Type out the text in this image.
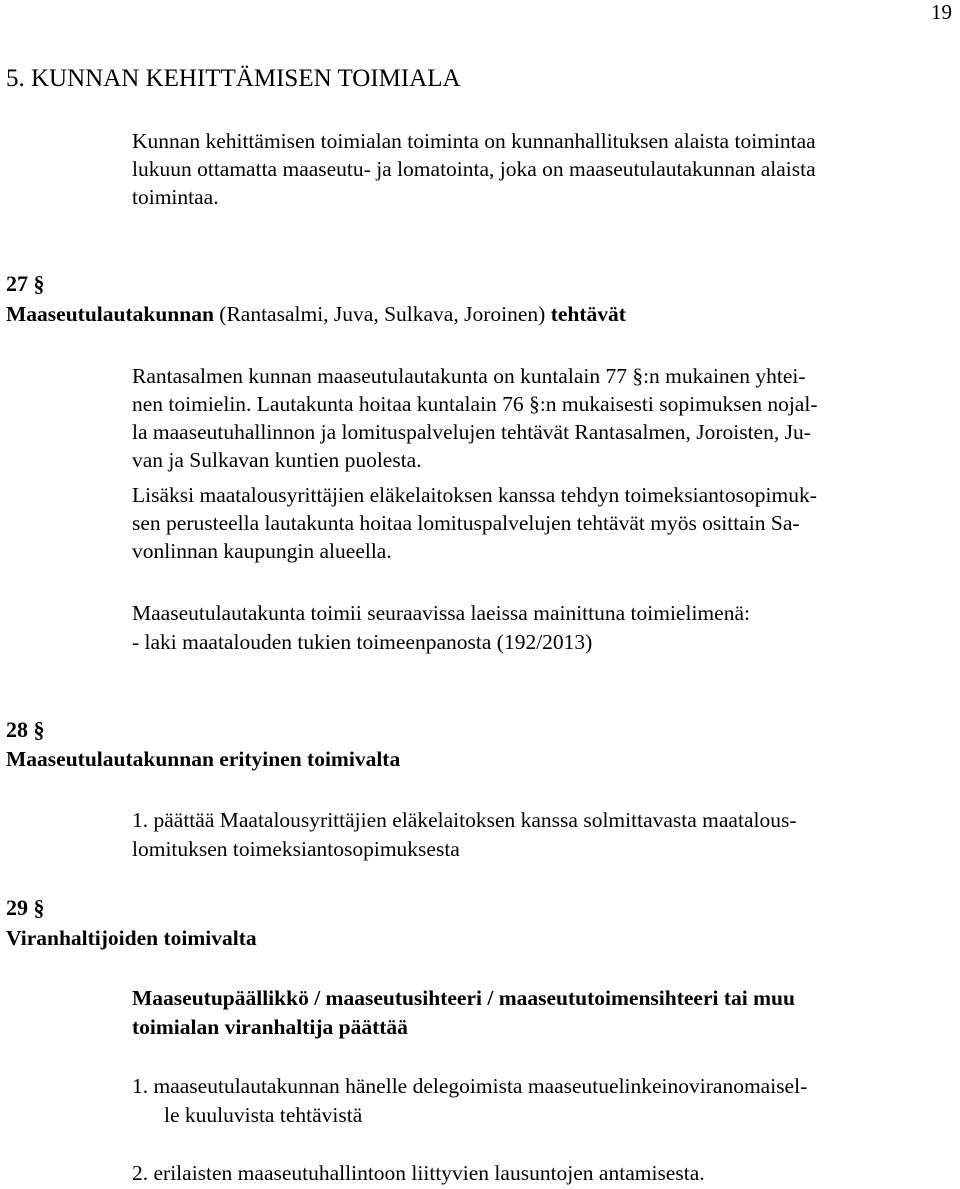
19
5. KUNNAN KEHITTÄMISEN TOIMIALA
Kunnan kehittämisen toimialan toiminta on kunnanhallituksen alaista toimintaa
lukuun ottamatta maaseutu- ja lomatointa, joka on maaseutulautakunnan alaista
toimintaa.
27 §
Maaseutulautakunnan (Rantasalmi, Juva, Sulkava, Joroinen) tehtävät
Rantasalmen kunnan maaseutulautakunta on kuntalain 77 §:n mukainen yhtei-
nen toimielin. Lautakunta hoitaa kuntalain 76 §:n mukaisesti sopimuksen nojal-
la maaseutuhallinnon ja lomituspalvelujen tehtävät Rantasalmen, Joroisten, Ju-
van ja Sulkavan kuntien puolesta.
Lisäksi maatalousyrittäjien eläkelaitoksen kanssa tehdyn toimeksiantosopimuk-
sen perusteella lautakunta hoitaa lomituspalvelujen tehtävät myös osittain Sa-
vonlinnan kaupungin alueella.
Maaseutulautakunta toimii seuraavissa laeissa mainittuna toimielimenä:
- laki maatalouden tukien toimeenpanosta (192/2013)
28 §
Maaseutulautakunnan erityinen toimivalta
1. päättää Maatalousyrittäjien eläkelaitoksen kanssa solmittavasta maatalous-
lomituksen toimeksiantosopimuksesta
29 §
Viranhaltijoiden toimivalta
Maaseutupäällikkö / maaseutusihteeri / maaseututoimensihteeri tai muu
toimialan viranhaltija päättää
1. maaseutulautakunnan hänelle delegoimista maaseutuelinkeinoviranomaisel-
le kuuluvista tehtävistä
2. erilaisten maaseutuhallintoon liittyvien lausuntojen antamisesta.
